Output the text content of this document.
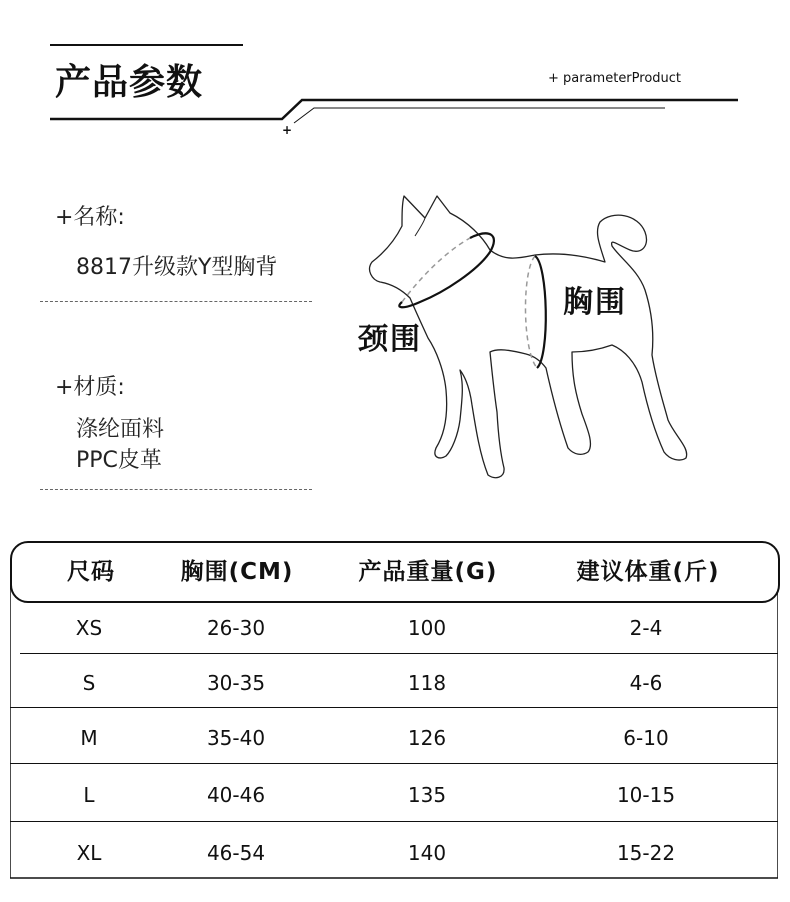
产品参数	+ parameterProduct
+
+名称:
8817升级款Y型胸背
+材质:
涤纶面料
PPC皮革
胸围
颈围
尺码	胸围(CM)	产品重量(G)	建议体重(斤)
XS	26-30	100	2-4
S	30-35	118	4-6
M	35-40	126	6-10
L	40-46	135	10-15
XL	46-54	140	15-22
